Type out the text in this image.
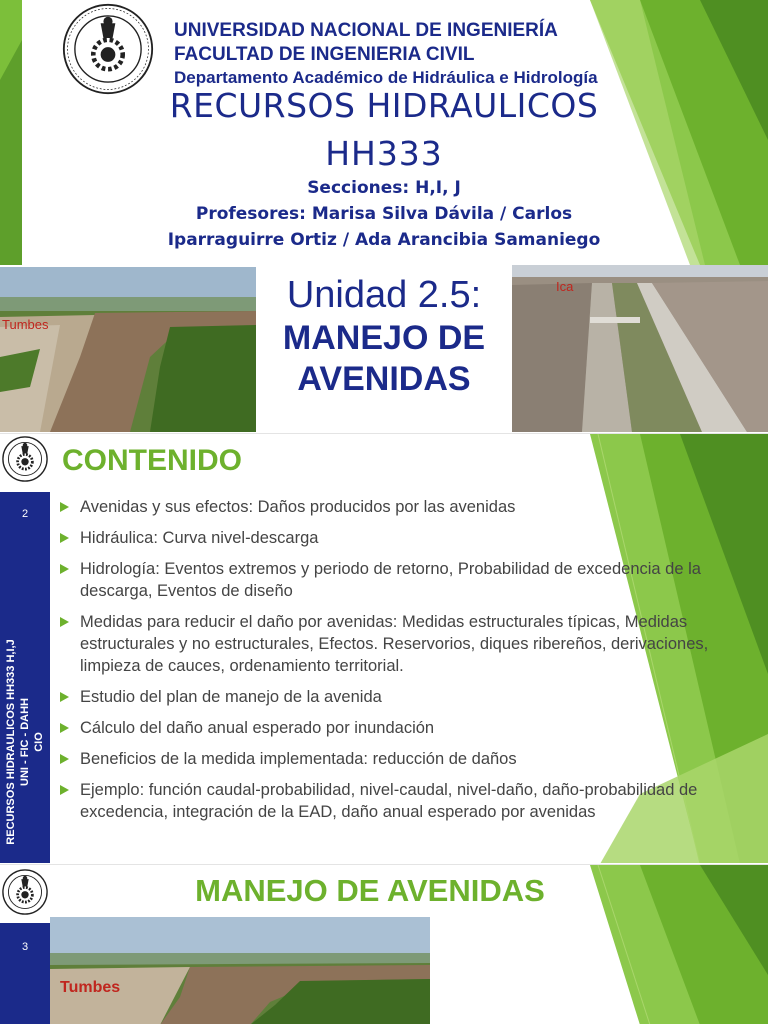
UNIVERSIDAD NACIONAL DE INGENIERÍA
FACULTAD DE INGENIERIA CIVIL
Departamento Académico de Hidráulica e Hidrología
RECURSOS HIDRAULICOS
HH333
Secciones: H,I, J
Profesores: Marisa Silva Dávila / Carlos
Iparraguirre Ortiz / Ada Arancibia Samaniego
Tumbes
Unidad 2.5:
MANEJO DE
AVENIDAS
Ica
2
RECURSOS HIDRAULICOS HH333 H,I,J UNI - FIC - DAHH CIO
CONTENIDO
Avenidas y sus efectos: Daños producidos por las avenidas
Hidráulica: Curva nivel-descarga
Hidrología: Eventos extremos y periodo de retorno, Probabilidad de excedencia de la descarga, Eventos de diseño
Medidas para reducir el daño por avenidas: Medidas estructurales típicas, Medidas estructurales y no estructurales, Efectos. Reservorios, diques ribereños, derivaciones, limpieza de cauces, ordenamiento territorial.
Estudio del plan de manejo de la avenida
Cálculo del daño anual esperado por inundación
Beneficios de la medida implementada: reducción de daños
Ejemplo: función caudal-probabilidad, nivel-caudal, nivel-daño, daño-probabilidad de excedencia, integración de la EAD, daño anual esperado por avenidas
3
MANEJO DE AVENIDAS
Tumbes
